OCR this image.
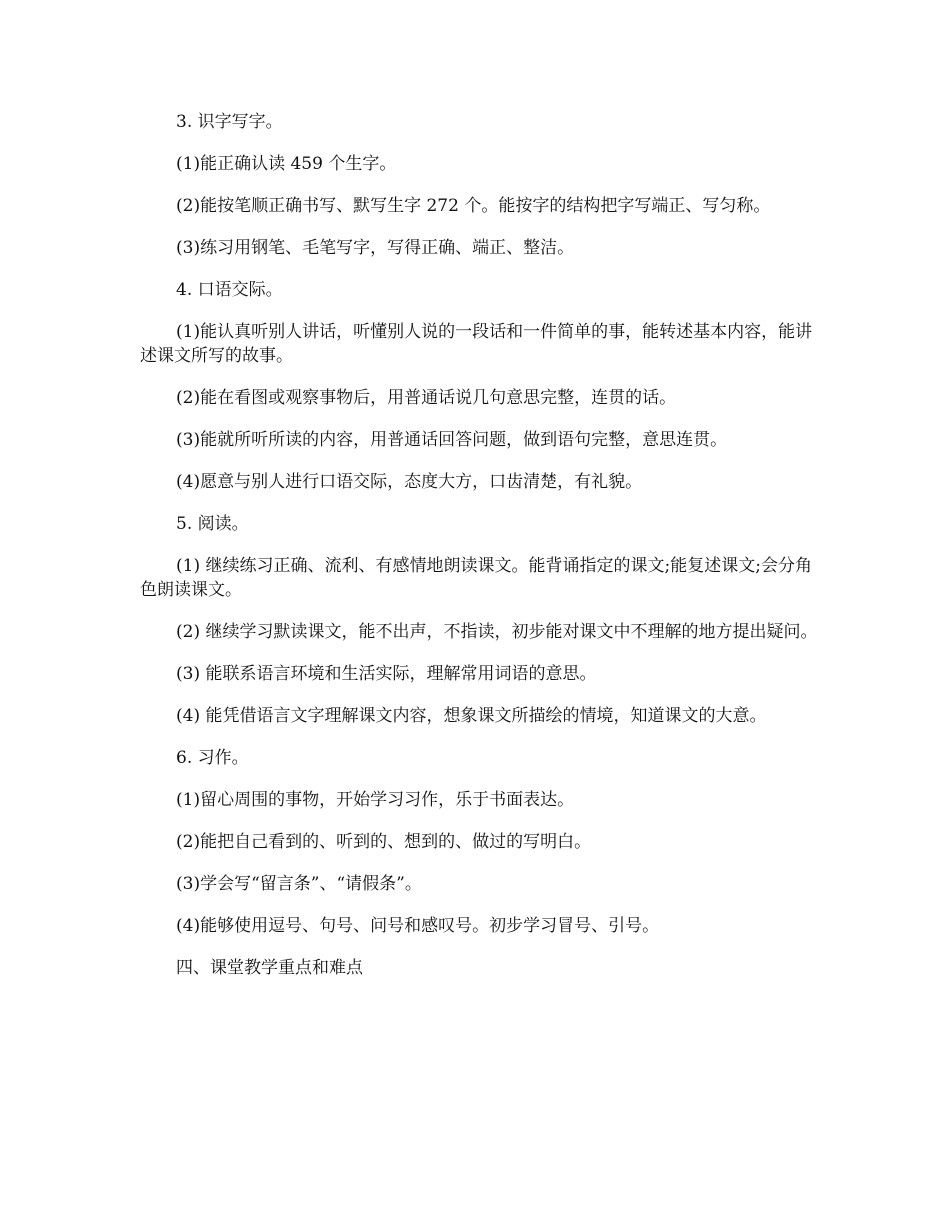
3. 识字写字。

(1)能正确认读 459 个生字。

(2)能按笔顺正确书写、默写生字 272 个。能按字的结构把字写端正、写匀称。

(3)练习用钢笔、毛笔写字，写得正确、端正、整洁。

4. 口语交际。

(1)能认真听别人讲话，听懂别人说的一段话和一件简单的事，能转述基本内容，能讲述课文所写的故事。

(2)能在看图或观察事物后，用普通话说几句意思完整，连贯的话。

(3)能就所听所读的内容，用普通话回答问题，做到语句完整，意思连贯。

(4)愿意与别人进行口语交际，态度大方，口齿清楚，有礼貌。

5. 阅读。

(1) 继续练习正确、流利、有感情地朗读课文。能背诵指定的课文;能复述课文;会分角色朗读课文。

(2) 继续学习默读课文，能不出声，不指读，初步能对课文中不理解的地方提出疑问。

(3) 能联系语言环境和生活实际，理解常用词语的意思。

(4) 能凭借语言文字理解课文内容，想象课文所描绘的情境，知道课文的大意。

6. 习作。

(1)留心周围的事物，开始学习习作，乐于书面表达。

(2)能把自己看到的、听到的、想到的、做过的写明白。

(3)学会写“留言条”、“请假条”。

(4)能够使用逗号、句号、问号和感叹号。初步学习冒号、引号。

四、课堂教学重点和难点
